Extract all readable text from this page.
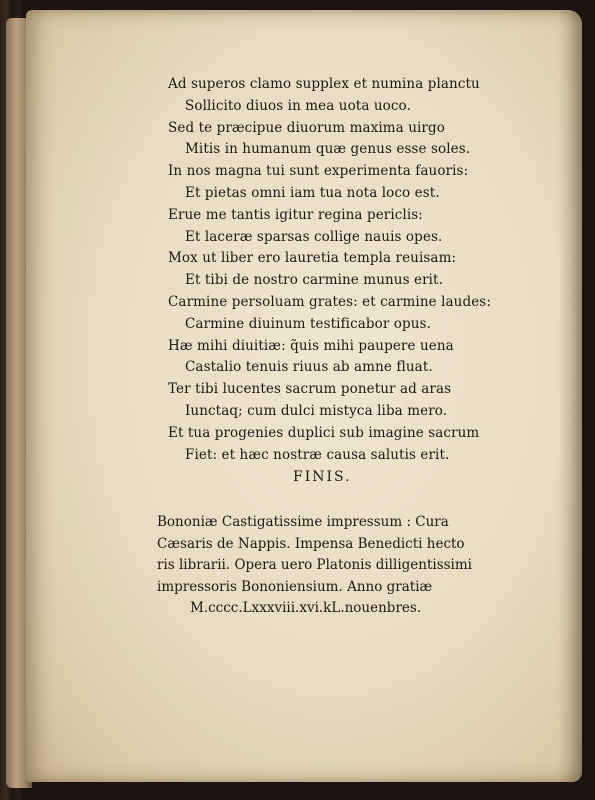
Ad superos clamo supplex et numina planctu
Sollicito diuos in mea uota uoco.
Sed te præcipue diuorum maxima uirgo
Mitis in humanum quæ genus esse soles.
In nos magna tui sunt experimenta fauoris:
Et pietas omni iam tua nota loco est.
Erue me tantis igitur regina periclis:
Et laceræ sparsas collige nauis opes.
Mox ut liber ero lauretia templa reuisam:
Et tibi de nostro carmine munus erit.
Carmine persoluam grates: et carmine laudes:
Carmine diuinum testificabor opus.
Hæ mihi diuitiæ: q̃uis mihi paupere uena
Castalio tenuis riuus ab amne fluat.
Ter tibi lucentes sacrum ponetur ad aras
Iunctaq; cum dulci mistyca liba mero.
Et tua progenies duplici sub imagine sacrum
Fiet: et hæc nostræ causa salutis erit.
FINIS.
Bononiæ Castigatissime impressum : Cura
Cæsaris de Nappis. Impensa Benedicti hecto
ris librarii. Opera uero Platonis dilligentissimi
impressoris Bononiensium. Anno gratiæ
M.cccc.Lxxxviii.xvi.kL.nouenbres.
